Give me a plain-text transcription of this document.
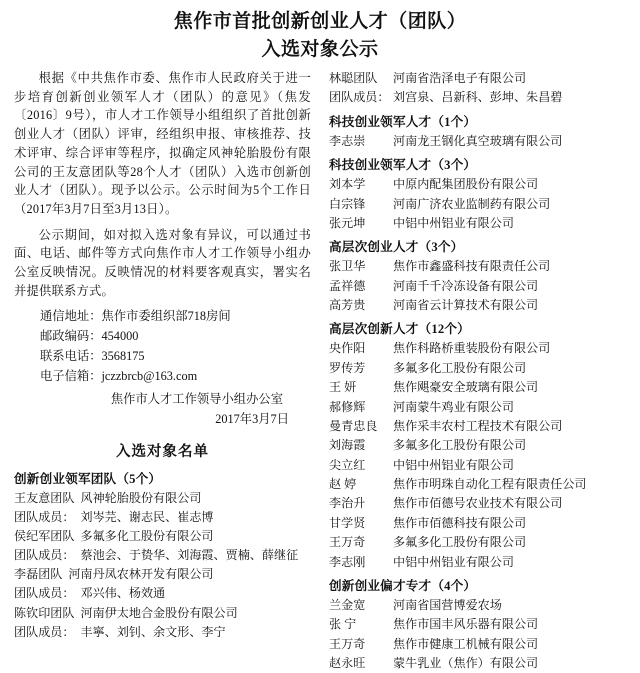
焦作市首批创新创业人才（团队）
入选对象公示

根据《中共焦作市委、焦作市人民政府关于进一步培育创新创业领军人才（团队）的意见》（焦发〔2016〕9号），市人才工作领导小组组织了首批创新创业人才（团队）评审，经组织申报、审核推荐、技术评审、综合评审等程序，拟确定风神轮胎股份有限公司的王友意团队等28个人才（团队）入选市创新创业人才（团队）。现予以公示。公示时间为5个工作日（2017年3月7日至3月13日）。

公示期间，如对拟入选对象有异议，可以通过书面、电话、邮件等方式向焦作市人才工作领导小组办公室反映情况。反映情况的材料要客观真实，署实名并提供联系方式。

通信地址：焦作市委组织部718房间
邮政编码：454000
联系电话：3568175
电子信箱：jczzbrcb@163.com
焦作市人才工作领导小组办公室
2017年3月7日
入选对象名单
创新创业领军团队（5个）
王友意团队 风神轮胎股份有限公司
团队成员： 刘岑芫、谢志民、崔志博
侯纪军团队 多氟多化工股份有限公司
团队成员： 蔡池会、于贽华、刘海霞、贾楠、薛继征
李磊团队 河南丹凤农林开发有限公司
团队成员： 邓兴伟、杨效通
陈钦印团队 河南伊太地合金股份有限公司
团队成员： 丰寧、刘钊、余文形、李宁
林聪团队	河南省浩泽电子有限公司
团队成员： 刘宫泉、吕新科、彭坤、朱昌碧
科技创业领军人才（1个）
李志崇	河南龙王钢化真空玻璃有限公司
科技创业领军人才（3个）
刘本学	中原内配集团股份有限公司
白宗锋	河南广济农业监制药有限公司
张元坤	中铝中州铝业有限公司
高层次创业人才（3个）
张卫华	焦作市鑫盛科技有限责任公司
孟祥德	河南千千冷冻设备有限公司
高芳贵	河南省云计算技术有限公司
高层次创新人才（12个）
央作阳	焦作科路桥重装股份有限公司
罗传芳	多氟多化工股份有限公司
王 妍	焦作飓豪安全玻璃有限公司
郝修辉	河南蒙牛鸡业有限公司
曼青忠良	焦作采丰农村工程技术有限公司
刘海霞	多氟多化工股份有限公司
尖立红	中铝中州铝业有限公司
赵 婷	焦作市明珠自动化工程有限责任公司
李治升	焦作市佰德号农业技术有限公司
甘学贤	焦作市佰德科技有限公司
王万奇	多氟多化工股份有限公司
李志刚	中铝中州铝业有限公司
创新创业偏才专才（4个）
兰金宽	河南省国营博爱农场
张 宁	焦作市国丰风乐器有限公司
王万奇	焦作市健康工机械有限公司
赵永旺	蒙牛乳业（焦作）有限公司
